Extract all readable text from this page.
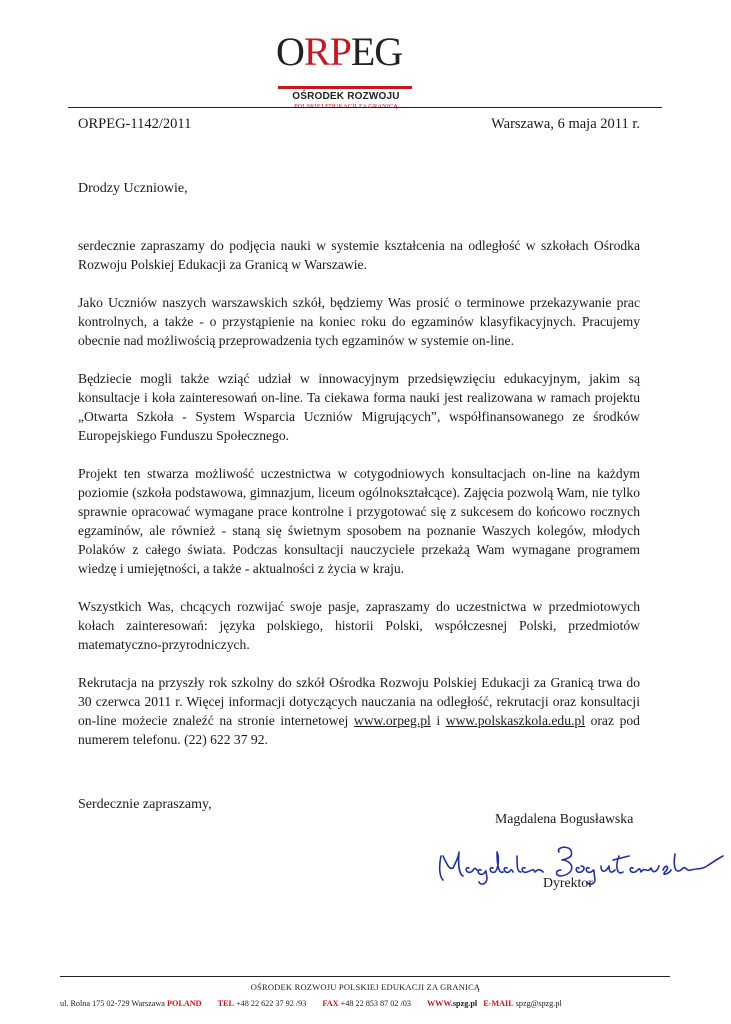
ORPEG
OŚRODEK ROZWOJU
POLSKIEJ EDUKACJI ZA GRANICĄ
ORPEG-1142/2011	Warszawa, 6 maja 2011 r.
Drodzy Uczniowie,

serdecznie zapraszamy do podjęcia nauki w systemie kształcenia na odległość w szkołach Ośrodka Rozwoju Polskiej Edukacji za Granicą w Warszawie.

Jako Uczniów naszych warszawskich szkół, będziemy Was prosić o terminowe przekazywanie prac kontrolnych, a także - o przystąpienie na koniec roku do egzaminów klasyfikacyjnych. Pracujemy obecnie nad możliwością przeprowadzenia tych egzaminów w systemie on-line.

Będziecie mogli także wziąć udział w innowacyjnym przedsięwzięciu edukacyjnym, jakim są konsultacje i koła zainteresowań on-line. Ta ciekawa forma nauki jest realizowana w ramach projektu „Otwarta Szkoła - System Wsparcia Uczniów Migrujących”, współfinansowanego ze środków Europejskiego Funduszu Społecznego.

Projekt ten stwarza możliwość uczestnictwa w cotygodniowych konsultacjach on-line na każdym poziomie (szkoła podstawowa, gimnazjum, liceum ogólnokształcące). Zajęcia pozwolą Wam, nie tylko sprawnie opracować wymagane prace kontrolne i przygotować się z sukcesem do końcowo rocznych egzaminów, ale również - staną się świetnym sposobem na poznanie Waszych kolegów, młodych Polaków z całego świata. Podczas konsultacji nauczyciele przekażą Wam wymagane programem wiedzę i umiejętności, a także - aktualności z życia w kraju.

Wszystkich Was, chcących rozwijać swoje pasje, zapraszamy do uczestnictwa w przedmiotowych kołach zainteresowań: języka polskiego, historii Polski, współczesnej Polski, przedmiotów matematyczno-przyrodniczych.

Rekrutacja na przyszły rok szkolny do szkół Ośrodka Rozwoju Polskiej Edukacji za Granicą trwa do 30 czerwca 2011 r. Więcej informacji dotyczących nauczania na odległość, rekrutacji oraz konsultacji on-line możecie znaleźć na stronie internetowej www.orpeg.pl i www.polskaszkola.edu.pl oraz pod numerem telefonu. (22) 622 37 92.

Serdecznie zapraszamy,
Magdalena Bogusławska
Dyrektor
OŚRODEK ROZWOJU POLSKIEJ EDUKACJI ZA GRANICĄ
ul. Rolna 175 02-729 Warszawa POLAND TEL +48 22 622 37 92 /93 FAX +48 22 853 87 02 /03 WWW.spzg.pl E-MAIL spzg@spzg.pl
